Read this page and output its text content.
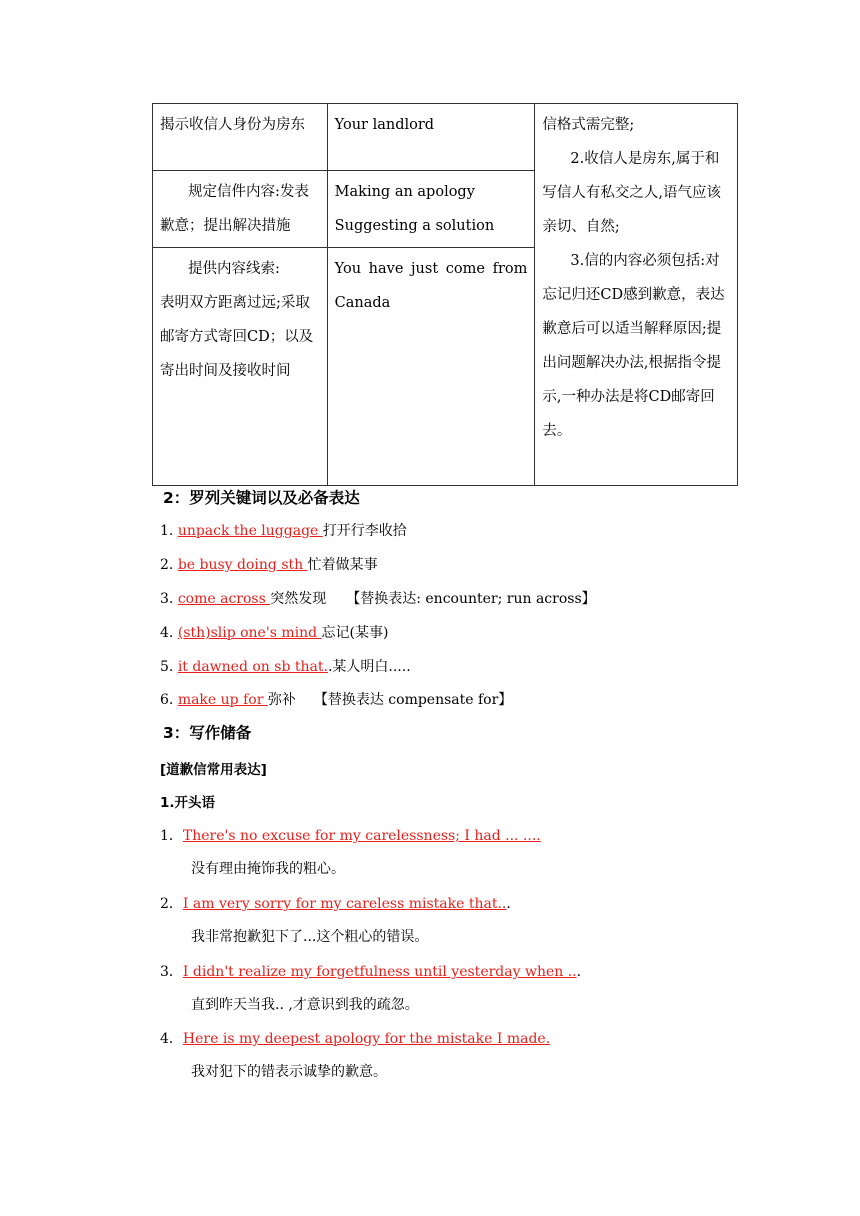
揭示收信人身份为房东	Your landlord	信格式需完整;
2.收信人是房东,属于和写信人有私交之人,语气应该亲切、自然;
3.信的内容必须包括:对忘记归还CD感到歉意，表达歉意后可以适当解释原因;提出问题解决办法,根据指令提示,一种办法是将CD邮寄回去。

规定信件内容:发表歉意；提出解决措施	Making an apology
Suggesting a solution	

提供内容线索:
表明双方距离过远;采取邮寄方式寄回CD；以及寄出时间及接收时间	You have just come from Canada	
2：罗列关键词以及必备表达
1. unpack the luggage 打开行李收拾
2. be busy doing sth 忙着做某事
3. come across 突然发现 【替换表达: encounter; run across】
4. (sth)slip one's mind 忘记(某事)
5. it dawned on sb that..某人明白.....
6. make up for 弥补 【替换表达 compensate for】
3：写作储备
[道歉信常用表达]
1.开头语
1．There's no excuse for my carelessness; I had ... ....
没有理由掩饰我的粗心。
2．I am very sorry for my careless mistake that...
我非常抱歉犯下了...这个粗心的错误。
3．I didn't realize my forgetfulness until yesterday when ...
直到昨天当我.. ,才意识到我的疏忽。
4．Here is my deepest apology for the mistake I made.
我对犯下的错表示诚挚的歉意。
